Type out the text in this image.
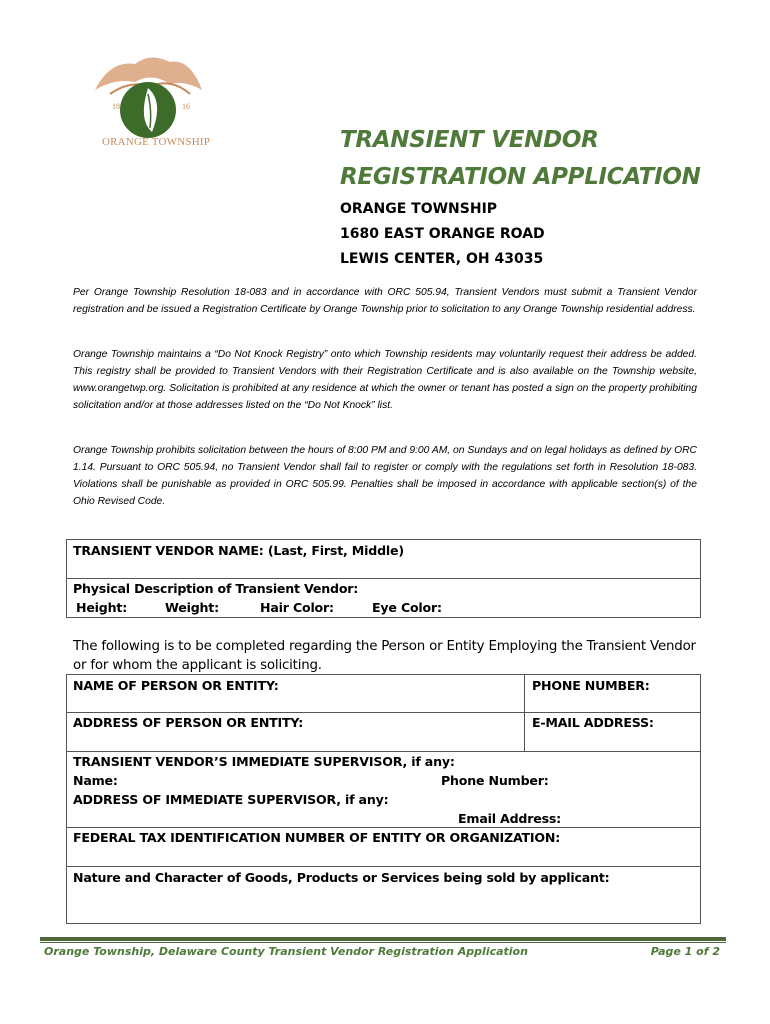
18	16
ORANGE TOWNSHIP	TRANSIENT VENDOR
REGISTRATION APPLICATION
ORANGE TOWNSHIP
1680 EAST ORANGE ROAD
LEWIS CENTER, OH 43035

Per Orange Township Resolution 18-083 and in accordance with ORC 505.94, Transient Vendors must submit a Transient Vendor registration and be issued a Registration Certificate by Orange Township prior to solicitation to any Orange Township residential address.

Orange Township maintains a “Do Not Knock Registry” onto which Township residents may voluntarily request their address be added. This registry shall be provided to Transient Vendors with their Registration Certificate and is also available on the Township website, www.orangetwp.org. Solicitation is prohibited at any residence at which the owner or tenant has posted a sign on the property prohibiting solicitation and/or at those addresses listed on the “Do Not Knock” list.

Orange Township prohibits solicitation between the hours of 8:00 PM and 9:00 AM, on Sundays and on legal holidays as defined by ORC 1.14. Pursuant to ORC 505.94, no Transient Vendor shall fail to register or comply with the regulations set forth in Resolution 18-083. Violations shall be punishable as provided in ORC 505.99. Penalties shall be imposed in accordance with applicable section(s) of the Ohio Revised Code.

TRANSIENT VENDOR NAME: (Last, First, Middle)
Physical Description of Transient Vendor:
Height:	Weight:	Hair Color:	Eye Color:
The following is to be completed regarding the Person or Entity Employing the Transient Vendor or for whom the applicant is soliciting.
NAME OF PERSON OR ENTITY:	PHONE NUMBER:
ADDRESS OF PERSON OR ENTITY:	E-MAIL ADDRESS:
TRANSIENT VENDOR’S IMMEDIATE SUPERVISOR, if any:
Name:	Phone Number:
ADDRESS OF IMMEDIATE SUPERVISOR, if any:
Email Address:
FEDERAL TAX IDENTIFICATION NUMBER OF ENTITY OR ORGANIZATION:
Nature and Character of Goods, Products or Services being sold by applicant:
Orange Township, Delaware County Transient Vendor Registration Application	Page 1 of 2
